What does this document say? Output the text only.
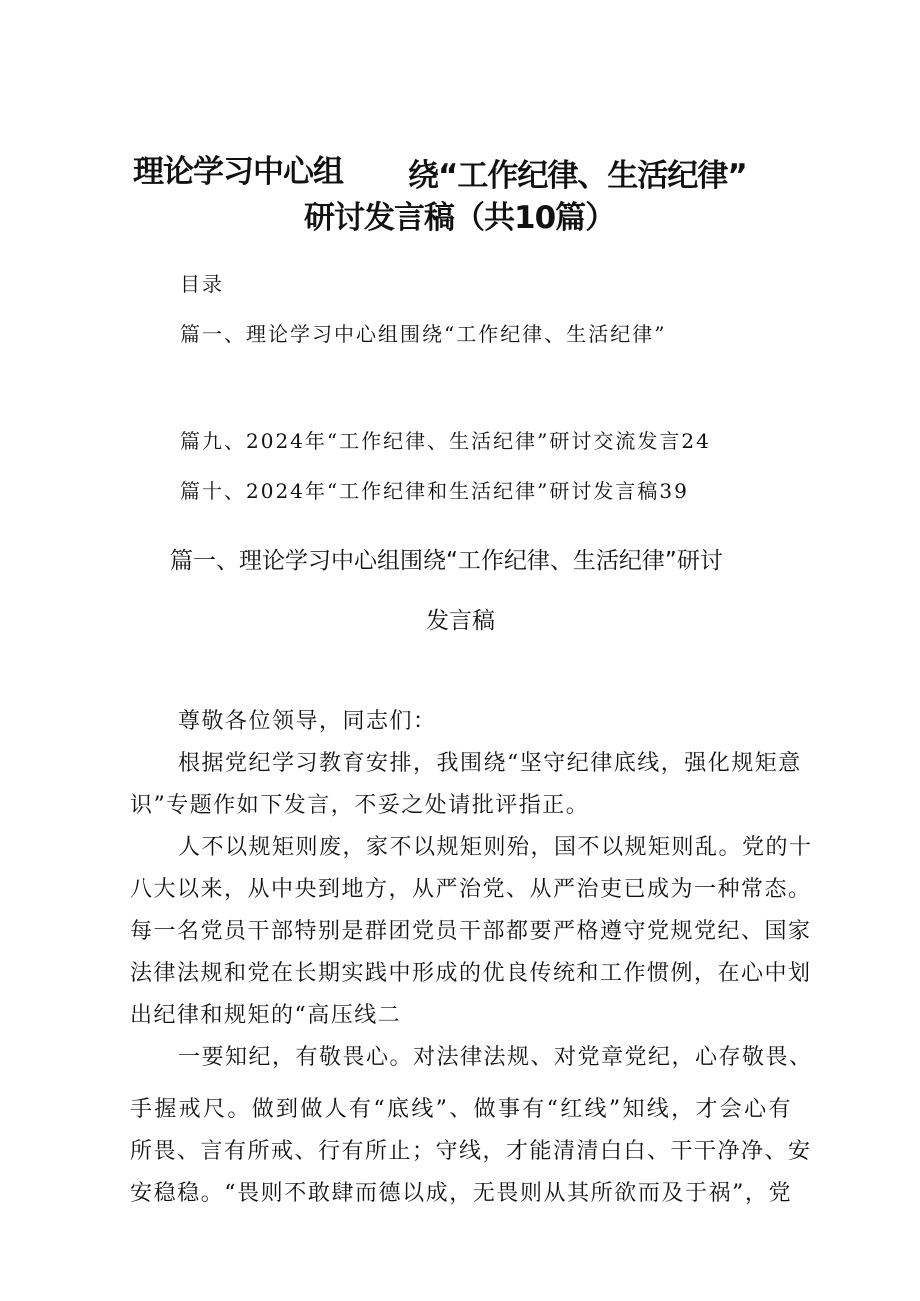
理论学习中心组 绕“工作纪律、生活纪律”
研讨发言稿（共10篇）
目录
篇一、理论学习中心组围绕“工作纪律、生活纪律”
篇九、2024年“工作纪律、生活纪律”研讨交流发言24
篇十、2024年“工作纪律和生活纪律”研讨发言稿39
篇一、理论学习中心组围绕“工作纪律、生活纪律”研讨
发言稿
尊敬各位领导，同志们：
根据党纪学习教育安排，我围绕“坚守纪律底线，强化规矩意
识”专题作如下发言，不妥之处请批评指正。
人不以规矩则废，家不以规矩则殆，国不以规矩则乱。党的十
八大以来，从中央到地方，从严治党、从严治吏已成为一种常态。
每一名党员干部特别是群团党员干部都要严格遵守党规党纪、国家
法律法规和党在长期实践中形成的优良传统和工作惯例，在心中划
出纪律和规矩的“高压线二
一要知纪，有敬畏心。对法律法规、对党章党纪，心存敬畏、
手握戒尺。做到做人有“底线”、做事有“红线”知线，才会心有
所畏、言有所戒、行有所止；守线，才能清清白白、干干净净、安
安稳稳。“畏则不敢肆而德以成，无畏则从其所欲而及于祸”，党
